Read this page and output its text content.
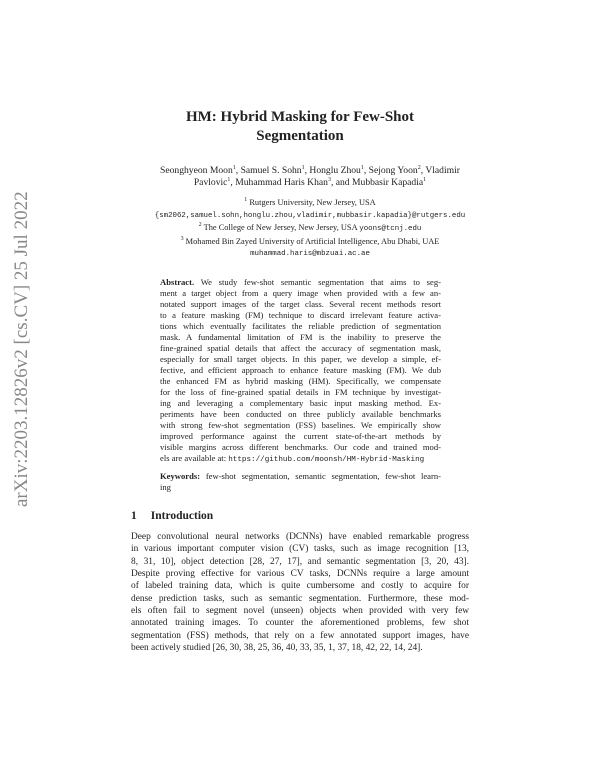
arXiv:2203.12826v2 [cs.CV] 25 Jul 2022
HM: Hybrid Masking for Few-Shot
Segmentation
Seonghyeon Moon$^1$, Samuel S. Sohn$^1$, Honglu Zhou$^1$, Sejong Yoon$^2$, Vladimir
Pavlovic$^1$, Muhammad Haris Khan$^3$, and Mubbasir Kapadia$^1$
$^1$ Rutgers University, New Jersey, USA
{sm2062,samuel.sohn,honglu.zhou,vladimir,mubbasir.kapadia}@rutgers.edu
$^2$ The College of New Jersey, New Jersey, USA yoons@tcnj.edu
$^3$ Mohamed Bin Zayed University of Artificial Intelligence, Abu Dhabi, UAE
muhammad.haris@mbzuai.ac.ae
Abstract. We study few-shot semantic segmentation that aims to seg-
ment a target object from a query image when provided with a few an-
notated support images of the target class. Several recent methods resort
to a feature masking (FM) technique to discard irrelevant feature activa-
tions which eventually facilitates the reliable prediction of segmentation
mask. A fundamental limitation of FM is the inability to preserve the
fine-grained spatial details that affect the accuracy of segmentation mask,
especially for small target objects. In this paper, we develop a simple, ef-
fective, and efficient approach to enhance feature masking (FM). We dub
the enhanced FM as hybrid masking (HM). Specifically, we compensate
for the loss of fine-grained spatial details in FM technique by investigat-
ing and leveraging a complementary basic input masking method. Ex-
periments have been conducted on three publicly available benchmarks
with strong few-shot segmentation (FSS) baselines. We empirically show
improved performance against the current state-of-the-art methods by
visible margins across different benchmarks. Our code and trained mod-
els are available at: https://github.com/moonsh/HM-Hybrid-Masking
Keywords: few-shot segmentation, semantic segmentation, few-shot learn-
ing
1 Introduction
Deep convolutional neural networks (DCNNs) have enabled remarkable progress
in various important computer vision (CV) tasks, such as image recognition [13,
8, 31, 10], object detection [28, 27, 17], and semantic segmentation [3, 20, 43].
Despite proving effective for various CV tasks, DCNNs require a large amount
of labeled training data, which is quite cumbersome and costly to acquire for
dense prediction tasks, such as semantic segmentation. Furthermore, these mod-
els often fail to segment novel (unseen) objects when provided with very few
annotated training images. To counter the aforementioned problems, few shot
segmentation (FSS) methods, that rely on a few annotated support images, have
been actively studied [26, 30, 38, 25, 36, 40, 33, 35, 1, 37, 18, 42, 22, 14, 24].
